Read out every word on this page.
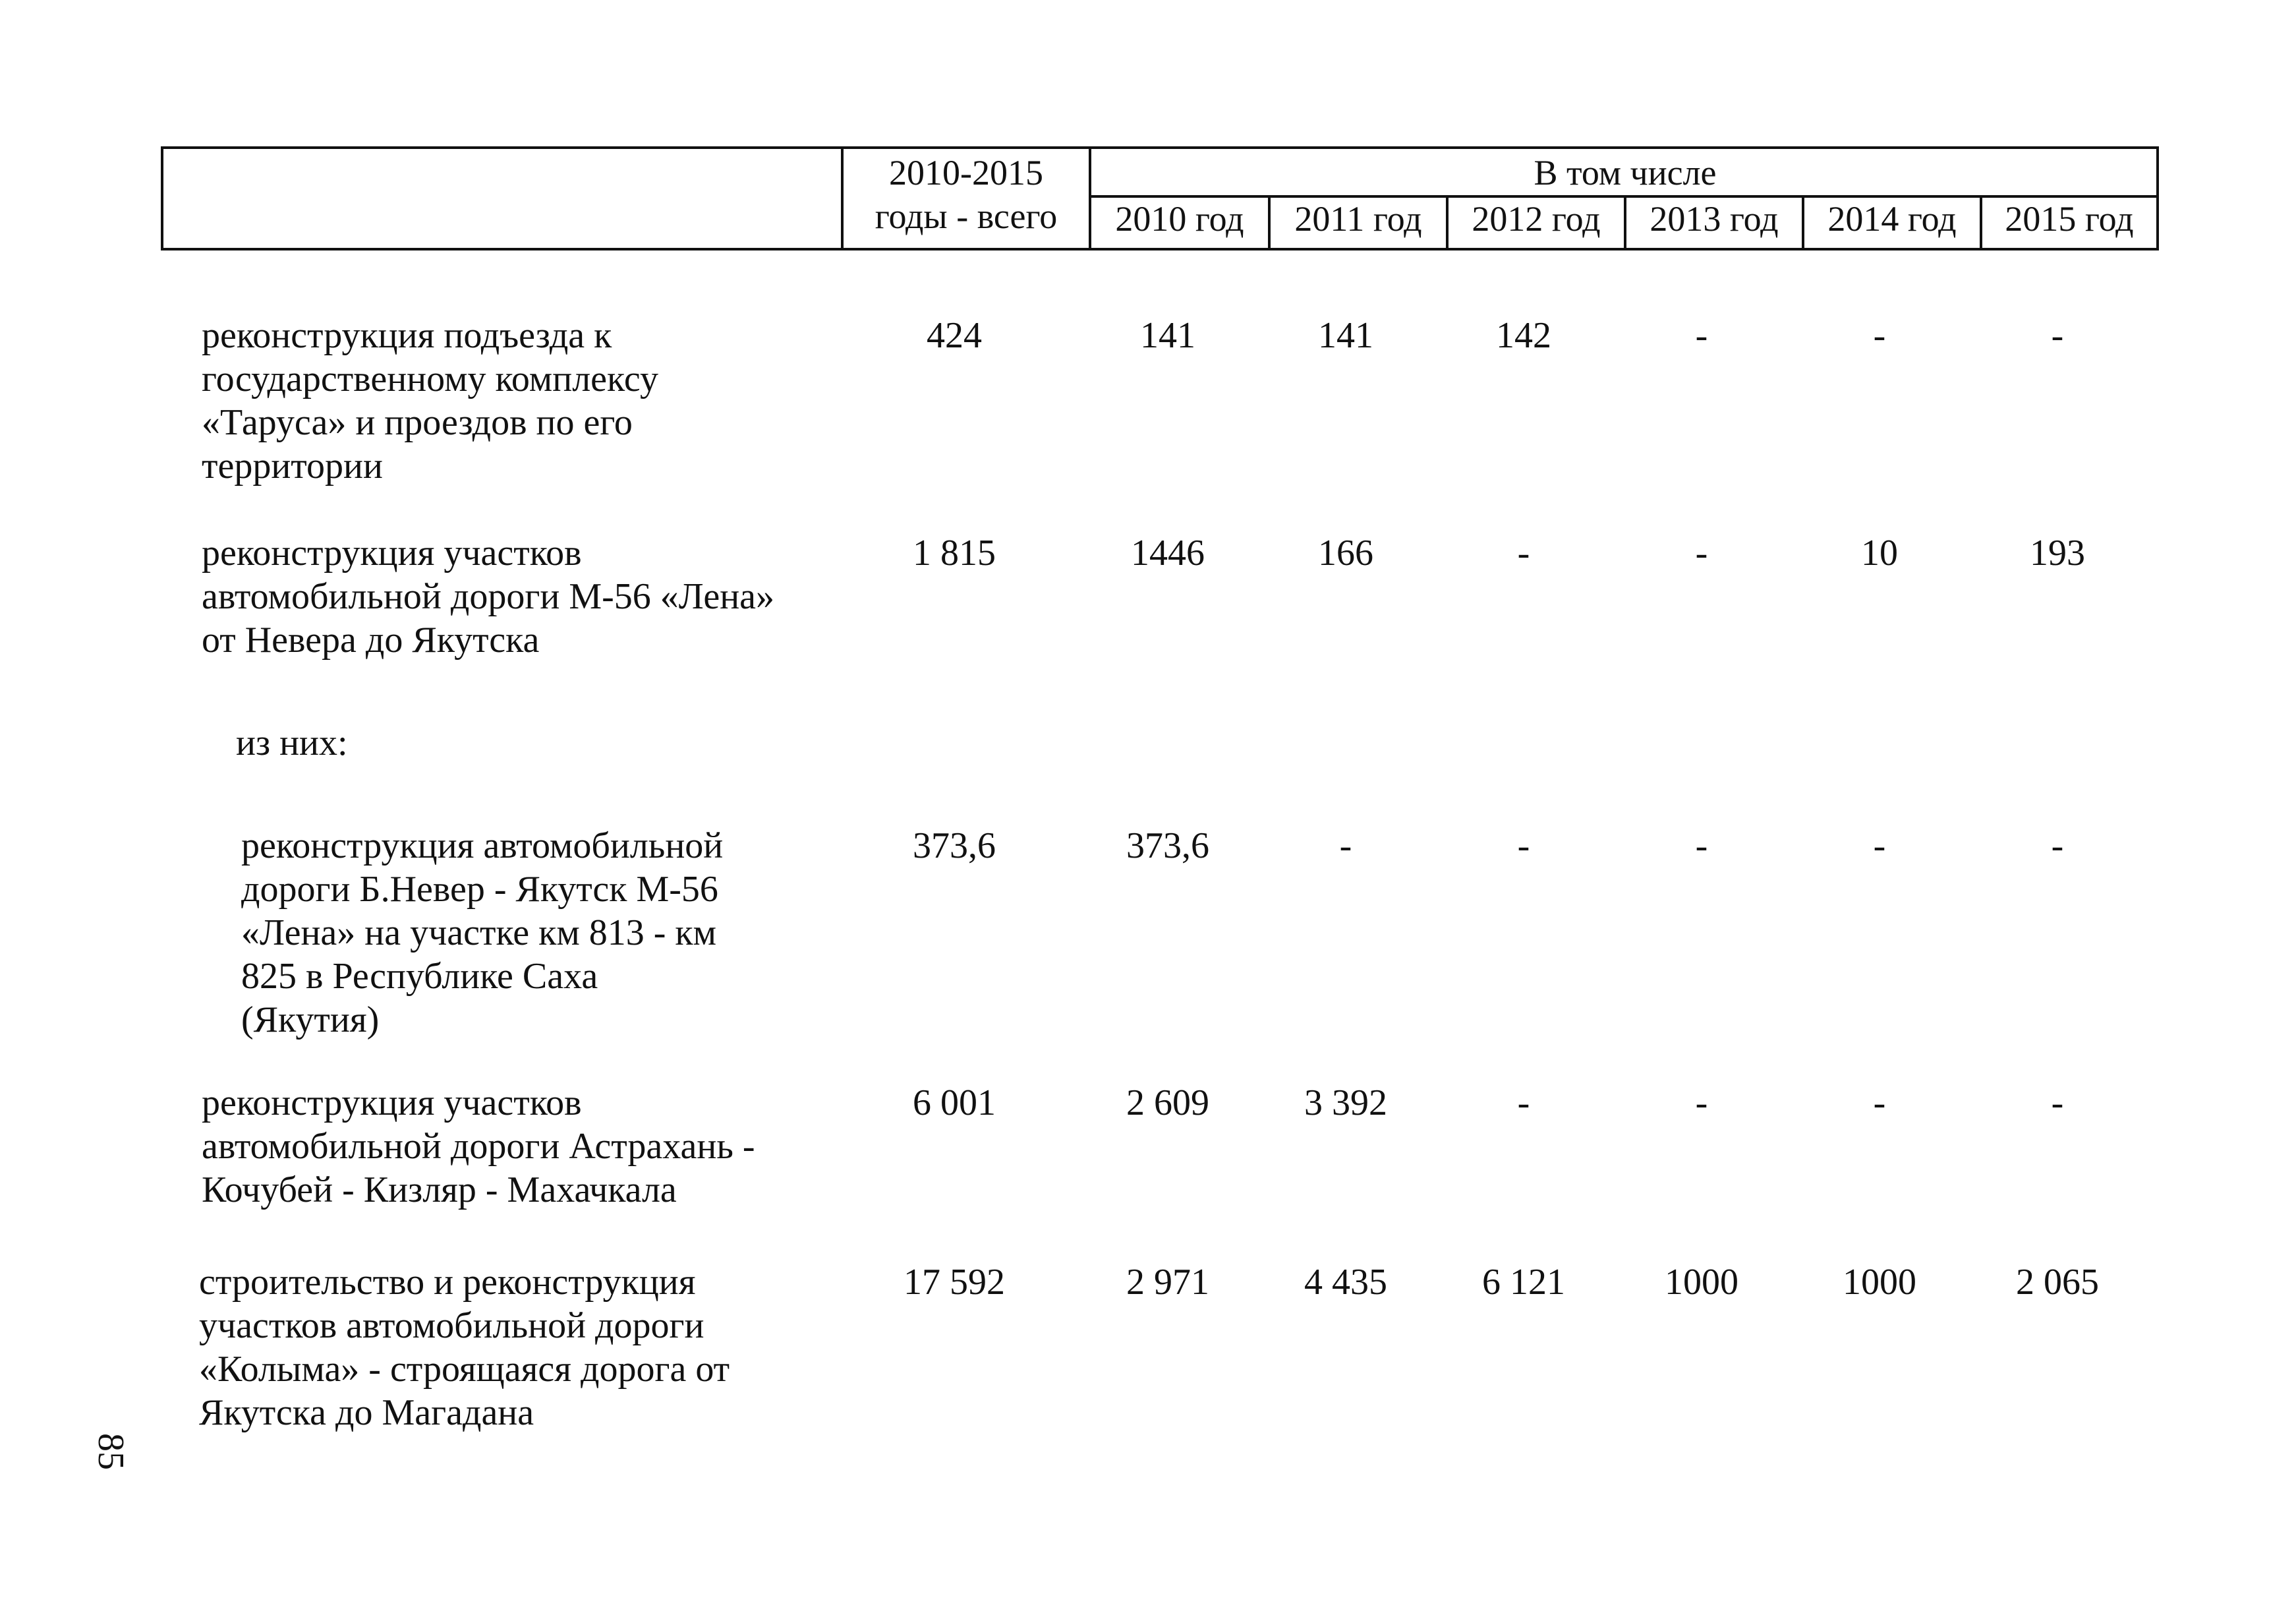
2010-2015
годы - всего
В том числе
2010 год	2011 год	2012 год	2013 год	2014 год	2015 год
реконструкция подъезда к
государственному комплексу
«Таруса» и проездов по его
территории
424	141	141	142	-	-	-
реконструкция участков
автомобильной дороги М-56 «Лена»
от Невера до Якутска
1 815	1446	166	-	-	10	193
из них:
реконструкция автомобильной
дороги Б.Невер - Якутск М-56
«Лена» на участке км 813 - км
825 в Республике Саха
(Якутия)
373,6	373,6	-	-	-	-	-
реконструкция участков
автомобильной дороги Астрахань -
Кочубей - Кизляр - Махачкала
6 001	2 609	3 392	-	-	-	-
строительство и реконструкция
участков автомобильной дороги
«Колыма» - строящаяся дорога от
Якутска до Магадана
17 592	2 971	4 435	6 121	1000	1000	2 065
85
